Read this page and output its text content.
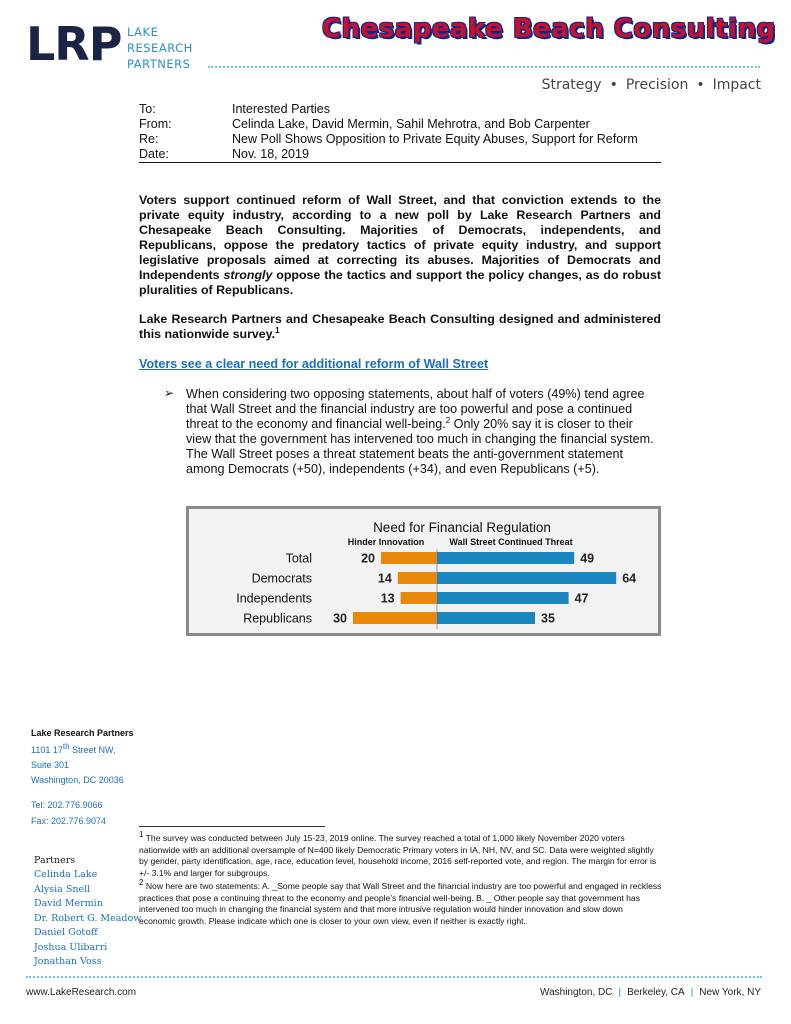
LRP LAKE
RESEARCH
PARTNERS
Chesapeake Beach Consulting
Strategy • Precision • Impact
To:	Interested Parties
From:	Celinda Lake, David Mermin, Sahil Mehrotra, and Bob Carpenter
Re:	New Poll Shows Opposition to Private Equity Abuses, Support for Reform
Date:	Nov. 18, 2019
Voters support continued reform of Wall Street, and that conviction extends to the private equity industry, according to a new poll by Lake Research Partners and Chesapeake Beach Consulting. Majorities of Democrats, independents, and Republicans, oppose the predatory tactics of private equity industry, and support legislative proposals aimed at correcting its abuses. Majorities of Democrats and Independents strongly oppose the tactics and support the policy changes, as do robust pluralities of Republicans.
Lake Research Partners and Chesapeake Beach Consulting designed and administered this nationwide survey.$^1$
Voters see a clear need for additional reform of Wall Street
➢ When considering two opposing statements, about half of voters (49%) tend agree that Wall Street and the financial industry are too powerful and pose a continued threat to the economy and financial well-being.$^2$ Only 20% say it is closer to their view that the government has intervened too much in changing the financial system. The Wall Street poses a threat statement beats the anti-government statement among Democrats (+50), independents (+34), and even Republicans (+5).
Need for Financial Regulation
Hinder Innovation	Wall Street Continued Threat
Total	20	49
Democrats	14	64
Independents	13	47
Republicans 30	35
Lake Research Partners
1101 17th Street NW,
Suite 301
Washington, DC 20036
Tel: 202.776.9066
Fax: 202.776.9074
Partners
Celinda Lake
Alysia Snell
David Mermin
Dr. Robert G. Meadow
Daniel Gotoff
Joshua Ulibarri
Jonathan Voss
$^1$ The survey was conducted between July 15-23, 2019 online. The survey reached a total of 1,000 likely November 2020 voters nationwide with an additional oversample of N=400 likely Democratic Primary voters in IA, NH, NV, and SC. Data were weighted slightly by gender, party identification, age, race, education level, household income, 2016 self-reported vote, and region. The margin for error is +/- 3.1% and larger for subgroups.
$^2$ Now here are two statements: A. _Some people say that Wall Street and the financial industry are too powerful and engaged in reckless practices that pose a continuing threat to the economy and people’s financial well-being. B. _ Other people say that government has intervened too much in changing the financial system and that more intrusive regulation would hinder innovation and slow down economic growth. Please indicate which one is closer to your own view, even if neither is exactly right.
www.LakeResearch.com	Washington, DC | Berkeley, CA | New York, NY
